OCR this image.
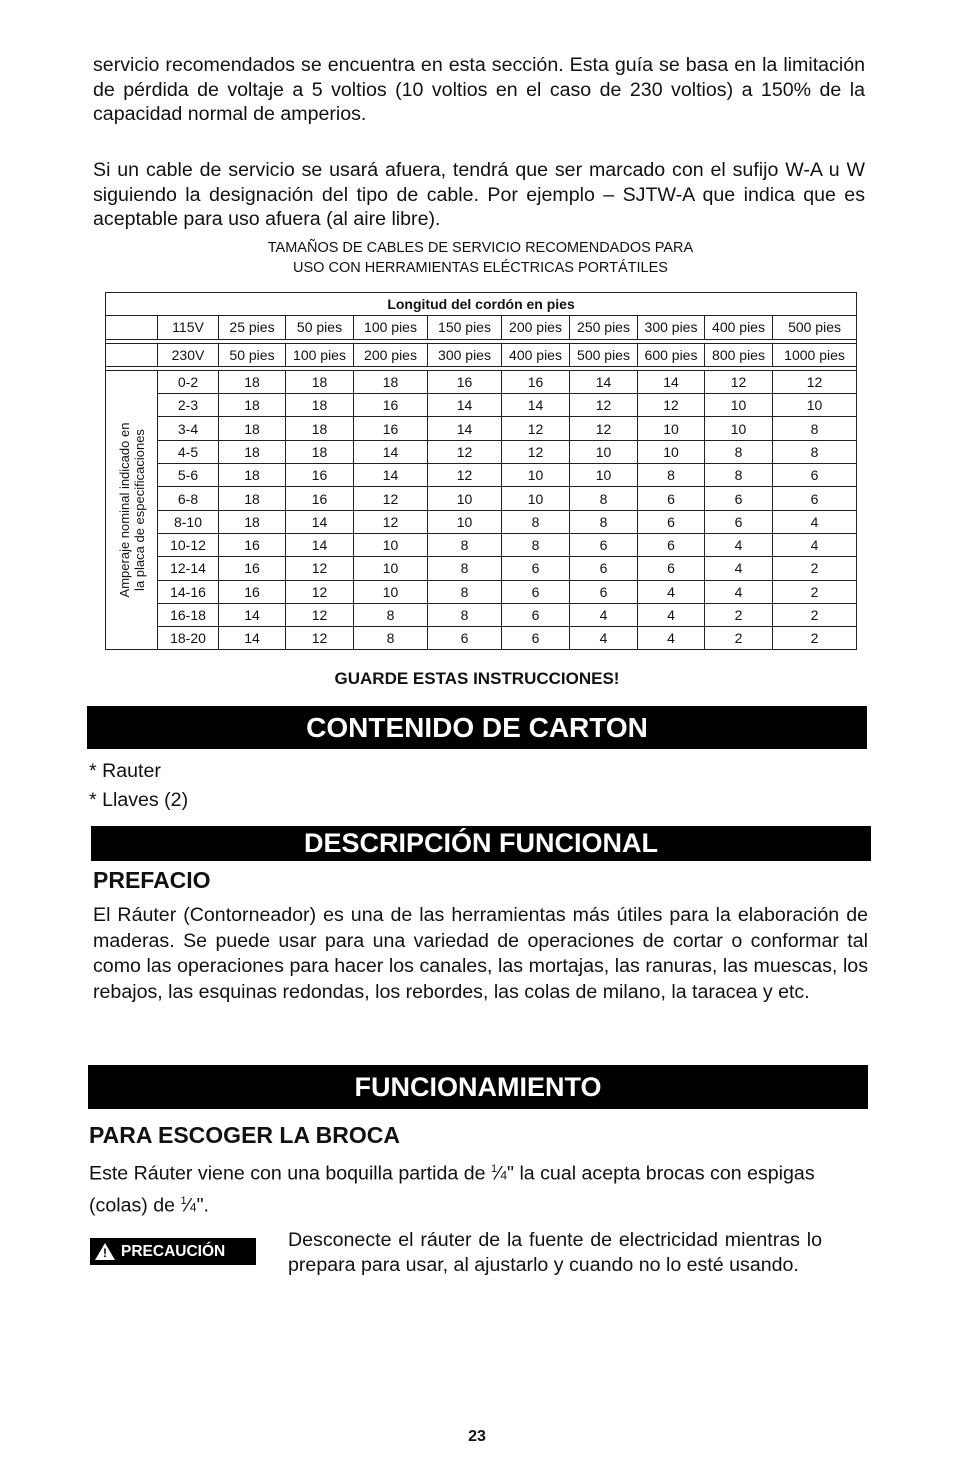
servicio recomendados se encuentra en esta sección. Esta guía se basa en la limitación de pérdida de voltaje a 5 voltios (10 voltios en el caso de 230 voltios) a 150% de la capacidad normal de amperios.

Si un cable de servicio se usará afuera, tendrá que ser marcado con el sufijo W-A u W siguiendo la designación del tipo de cable. Por ejemplo – SJTW-A que indica que es aceptable para uso afuera (al aire libre).

TAMAÑOS DE CABLES DE SERVICIO RECOMENDADOS PARA
USO CON HERRAMIENTAS ELÉCTRICAS PORTÁTILES
Longitud del cordón en pies										
	115V	25 pies	50 pies	100 pies	150 pies	200 pies	250 pies	300 pies	400 pies	500 pies

	230V	50 pies	100 pies	200 pies	300 pies	400 pies	500 pies	600 pies	800 pies	1000 pies

Amperaje nominal indicado en la placa de especificaciones	0-2	18	18	18	16	16	14	14	12	12
	2-3	18	18	16	14	14	12	12	10	10
	3-4	18	18	16	14	12	12	10	10	8
	4-5	18	18	14	12	12	10	10	8	8
	5-6	18	16	14	12	10	10	8	8	6
	6-8	18	16	12	10	10	8	6	6	6
	8-10	18	14	12	10	8	8	6	6	4
	10-12	16	14	10	8	8	6	6	4	4
	12-14	16	12	10	8	6	6	6	4	2
	14-16	16	12	10	8	6	6	4	4	2
	16-18	14	12	8	8	6	4	4	2	2
	18-20	14	12	8	6	6	4	4	2	2
GUARDE ESTAS INSTRUCCIONES!
CONTENIDO DE CARTON
* Rauter
* Llaves (2)
DESCRIPCIÓN FUNCIONAL
PREFACIO

El Ráuter (Contorneador) es una de las herramientas más útiles para la elaboración de maderas. Se puede usar para una variedad de operaciones de cortar o conformar tal como las operaciones para hacer los canales, las mortajas, las ranuras, las muescas, los rebajos, las esquinas redondas, los rebordes, las colas de milano, la taracea y etc.

FUNCIONAMIENTO
PARA ESCOGER LA BROCA

Este Ráuter viene con una boquilla partida de $^1$⁄4" la cual acepta brocas con espigas (colas) de $^1$⁄4".

! PRECAUCIÓN	Desconecte el ráuter de la fuente de electricidad mientras lo prepara para usar, al ajustarlo y cuando no lo esté usando.

23
